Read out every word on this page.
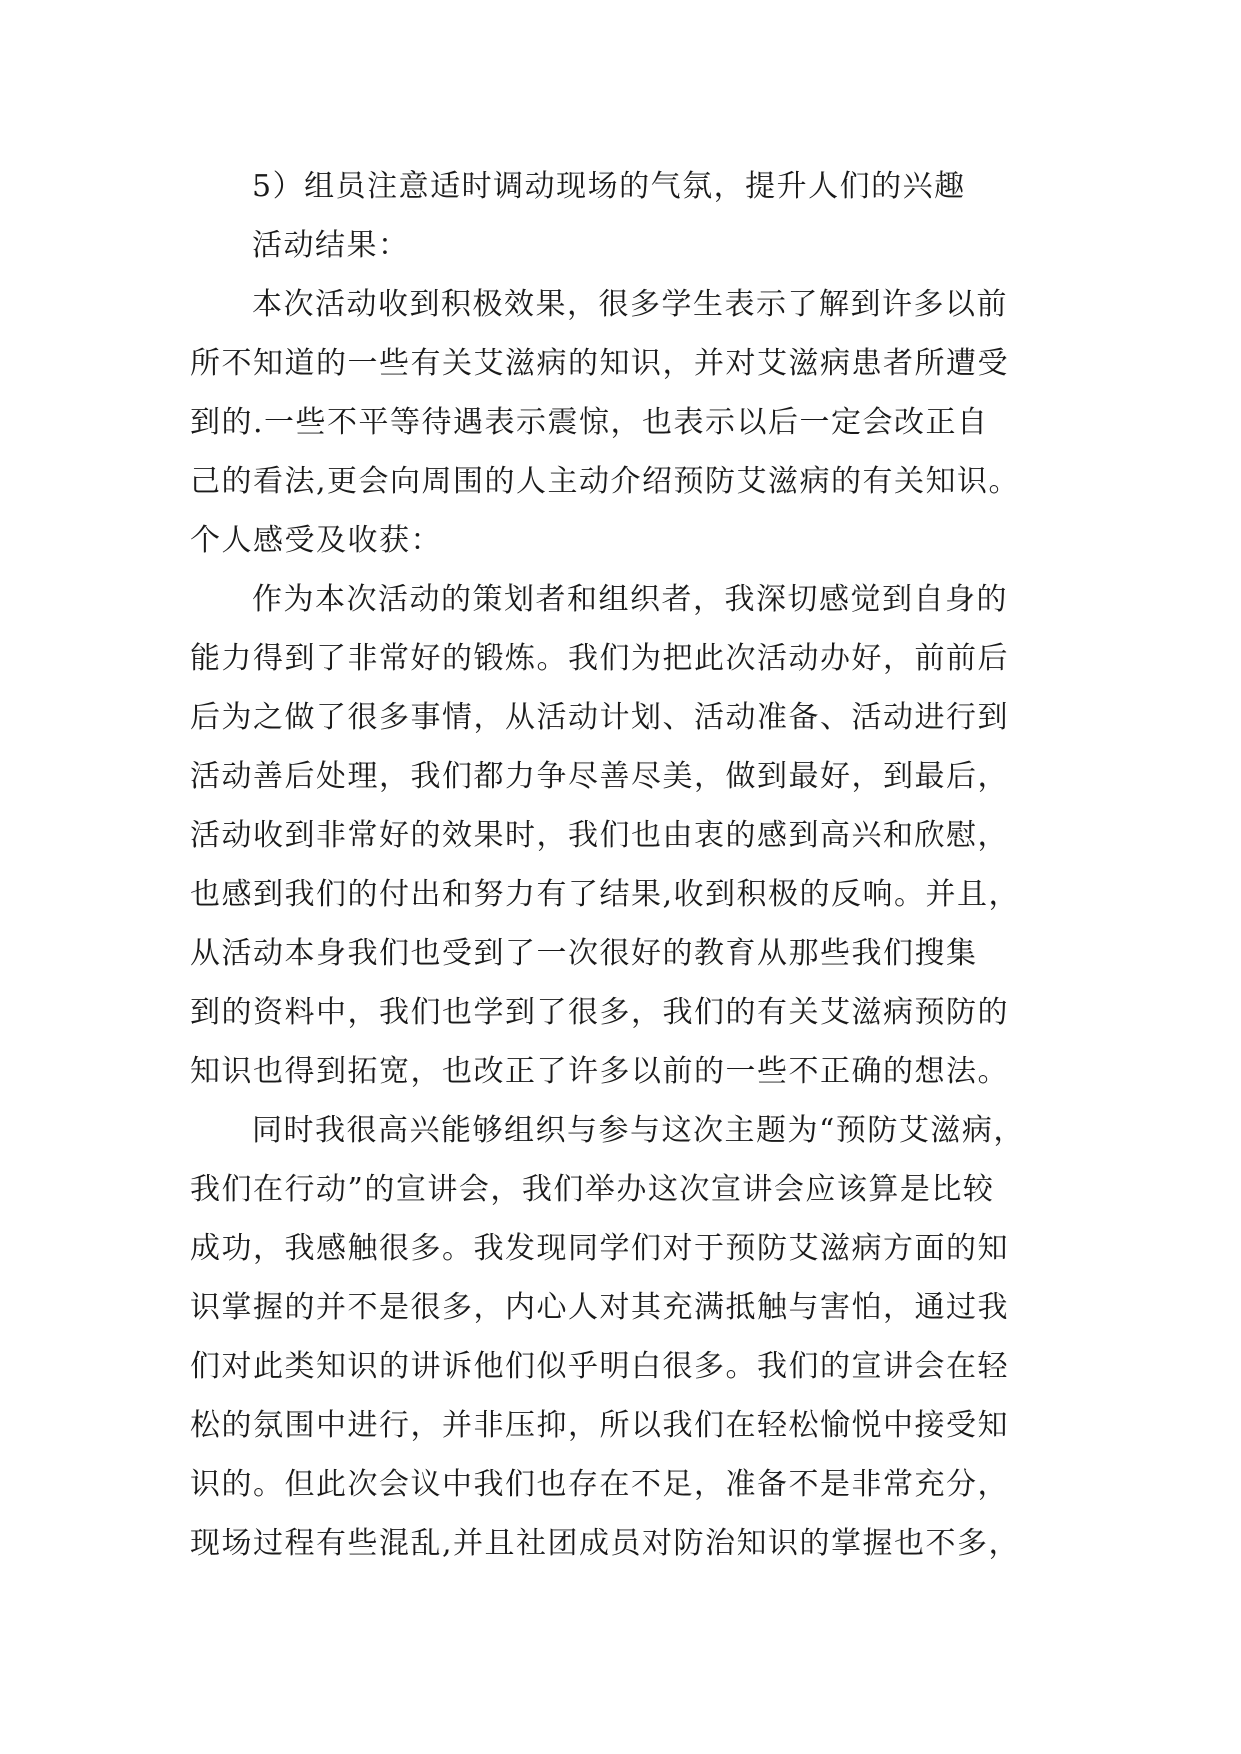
5）组员注意适时调动现场的气氛，提升人们的兴趣
活动结果：
本次活动收到积极效果，很多学生表示了解到许多以前
所不知道的一些有关艾滋病的知识，并对艾滋病患者所遭受
到的.一些不平等待遇表示震惊，也表示以后一定会改正自
己的看法,更会向周围的人主动介绍预防艾滋病的有关知识。
个人感受及收获：
作为本次活动的策划者和组织者，我深切感觉到自身的
能力得到了非常好的锻炼。我们为把此次活动办好，前前后
后为之做了很多事情，从活动计划、活动准备、活动进行到
活动善后处理，我们都力争尽善尽美，做到最好，到最后，
活动收到非常好的效果时，我们也由衷的感到高兴和欣慰，
也感到我们的付出和努力有了结果,收到积极的反响。并且，
从活动本身我们也受到了一次很好的教育从那些我们搜集
到的资料中，我们也学到了很多，我们的有关艾滋病预防的
知识也得到拓宽，也改正了许多以前的一些不正确的想法。
同时我很高兴能够组织与参与这次主题为“预防艾滋病，
我们在行动”的宣讲会，我们举办这次宣讲会应该算是比较
成功，我感触很多。我发现同学们对于预防艾滋病方面的知
识掌握的并不是很多，内心人对其充满抵触与害怕，通过我
们对此类知识的讲诉他们似乎明白很多。我们的宣讲会在轻
松的氛围中进行，并非压抑，所以我们在轻松愉悦中接受知
识的。但此次会议中我们也存在不足，准备不是非常充分，
现场过程有些混乱,并且社团成员对防治知识的掌握也不多，
